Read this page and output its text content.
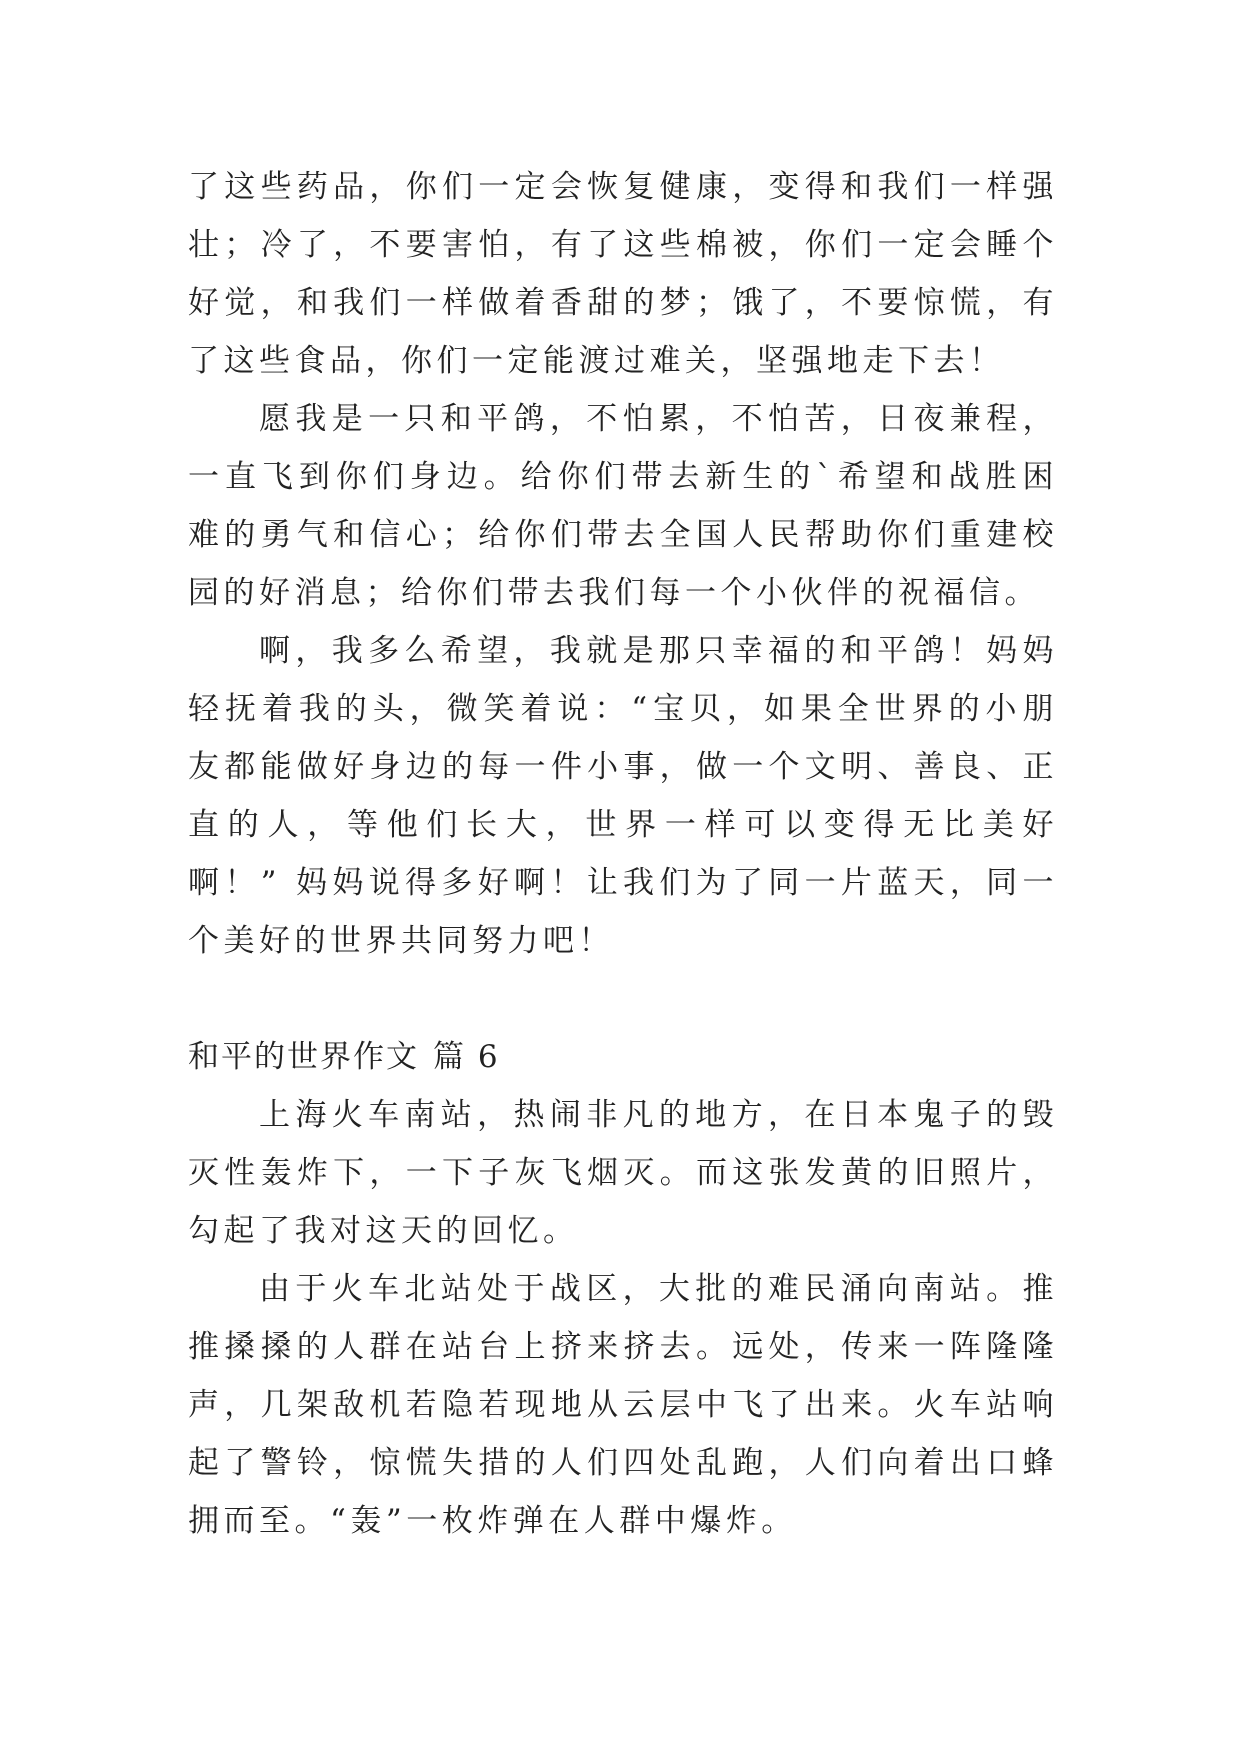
了这些药品，你们一定会恢复健康，变得和我们一样强壮；冷了，不要害怕，有了这些棉被，你们一定会睡个好觉，和我们一样做着香甜的梦；饿了，不要惊慌，有了这些食品，你们一定能渡过难关，坚强地走下去！

愿我是一只和平鸽，不怕累，不怕苦，日夜兼程，一直飞到你们身边。给你们带去新生的`希望和战胜困难的勇气和信心；给你们带去全国人民帮助你们重建校园的好消息；给你们带去我们每一个小伙伴的祝福信。

啊，我多么希望，我就是那只幸福的和平鸽！妈妈轻抚着我的头，微笑着说：“宝贝，如果全世界的小朋友都能做好身边的每一件小事，做一个文明、善良、正直的人，等他们长大，世界一样可以变得无比美好啊！” 妈妈说得多好啊！让我们为了同一片蓝天，同一个美好的世界共同努力吧！

和平的世界作文 篇 6

上海火车南站，热闹非凡的地方，在日本鬼子的毁灭性轰炸下，一下子灰飞烟灭。而这张发黄的旧照片，勾起了我对这天的回忆。

由于火车北站处于战区，大批的难民涌向南站。推推搡搡的人群在站台上挤来挤去。远处，传来一阵隆隆声，几架敌机若隐若现地从云层中飞了出来。火车站响起了警铃，惊慌失措的人们四处乱跑，人们向着出口蜂拥而至。“轰”一枚炸弹在人群中爆炸。
